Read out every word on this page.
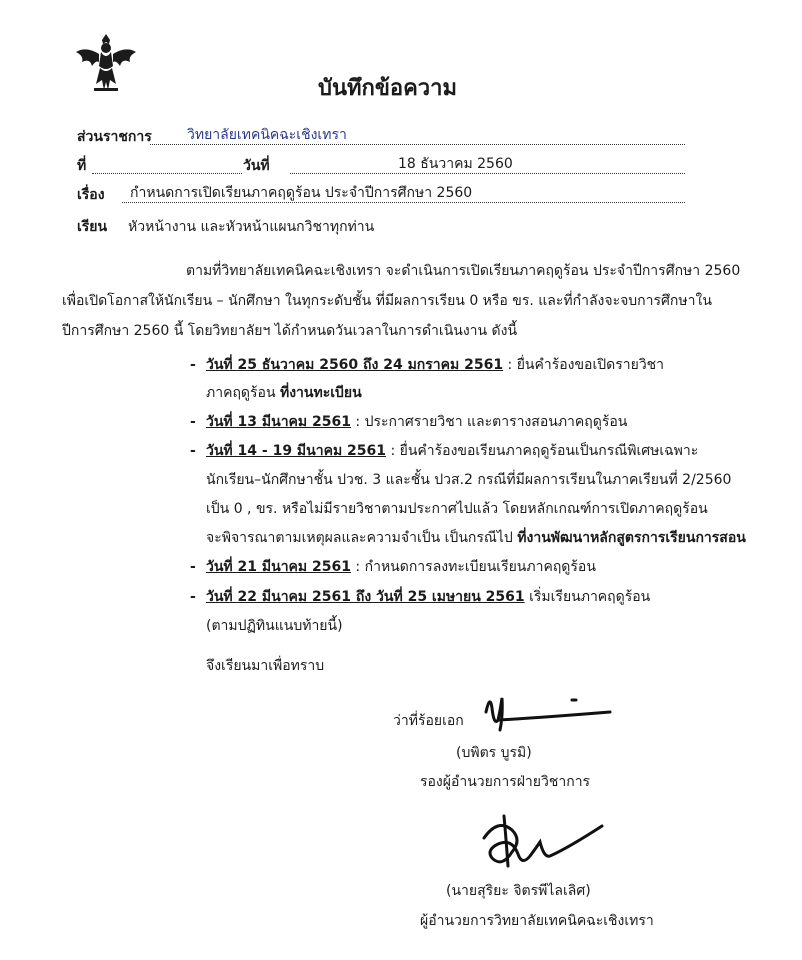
บันทึกข้อความ
ส่วนราชการ	วิทยาลัยเทคนิคฉะเชิงเทรา
ที่	วันที่	18 ธันวาคม 2560
เรื่อง กำหนดการเปิดเรียนภาคฤดูร้อน ประจำปีการศึกษา 2560
เรียน หัวหน้างาน และหัวหน้าแผนกวิชาทุกท่าน
ตามที่วิทยาลัยเทคนิคฉะเชิงเทรา จะดำเนินการเปิดเรียนภาคฤดูร้อน ประจำปีการศึกษา 2560
เพื่อเปิดโอกาสให้นักเรียน – นักศึกษา ในทุกระดับชั้น ที่มีผลการเรียน 0 หรือ ขร. และที่กำลังจะจบการศึกษาใน
ปีการศึกษา 2560 นี้ โดยวิทยาลัยฯ ได้กำหนดวันเวลาในการดำเนินงาน ดังนี้
- วันที่ 25 ธันวาคม 2560 ถึง 24 มกราคม 2561 : ยื่นคำร้องขอเปิดรายวิชา
ภาคฤดูร้อน ที่งานทะเบียน
- วันที่ 13 มีนาคม 2561 : ประกาศรายวิชา และตารางสอนภาคฤดูร้อน
- วันที่ 14 - 19 มีนาคม 2561 : ยื่นคำร้องขอเรียนภาคฤดูร้อนเป็นกรณีพิเศษเฉพาะ
นักเรียน–นักศึกษาชั้น ปวช. 3 และชั้น ปวส.2 กรณีที่มีผลการเรียนในภาคเรียนที่ 2/2560
เป็น 0 , ขร. หรือไม่มีรายวิชาตามประกาศไปแล้ว โดยหลักเกณฑ์การเปิดภาคฤดูร้อน
จะพิจารณาตามเหตุผลและความจำเป็น เป็นกรณีไป ที่งานพัฒนาหลักสูตรการเรียนการสอน
- วันที่ 21 มีนาคม 2561 : กำหนดการลงทะเบียนเรียนภาคฤดูร้อน
- วันที่ 22 มีนาคม 2561 ถึง วันที่ 25 เมษายน 2561 เริ่มเรียนภาคฤดูร้อน
(ตามปฏิทินแนบท้ายนี้)
จึงเรียนมาเพื่อทราบ
ว่าที่ร้อยเอก
(บพิตร บูรมิ)
รองผู้อำนวยการฝ่ายวิชาการ
(นายสุริยะ จิตรพีไลเลิศ)
ผู้อำนวยการวิทยาลัยเทคนิคฉะเชิงเทรา
